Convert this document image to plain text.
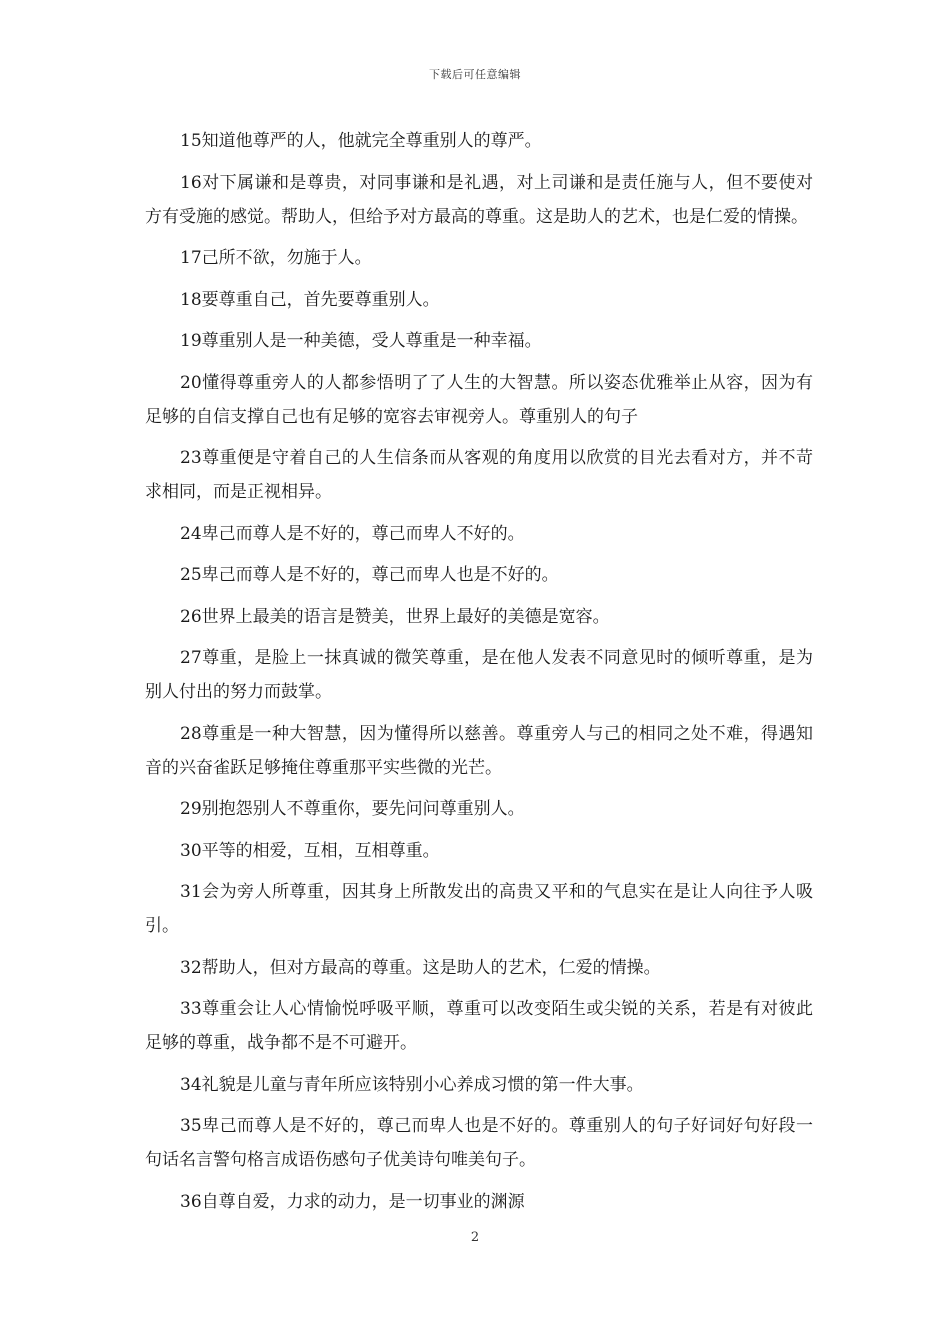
下载后可任意编辑

15知道他尊严的人，他就完全尊重别人的尊严。

16对下属谦和是尊贵，对同事谦和是礼遇，对上司谦和是责任施与人，但不要使对方有受施的感觉。帮助人，但给予对方最高的尊重。这是助人的艺术，也是仁爱的情操。

17己所不欲，勿施于人。

18要尊重自己，首先要尊重别人。

19尊重别人是一种美德，受人尊重是一种幸福。

20懂得尊重旁人的人都参悟明了了人生的大智慧。所以姿态优雅举止从容，因为有足够的自信支撑自己也有足够的宽容去审视旁人。尊重别人的句子

23尊重便是守着自己的人生信条而从客观的角度用以欣赏的目光去看对方，并不苛求相同，而是正视相异。

24卑己而尊人是不好的，尊己而卑人不好的。

25卑己而尊人是不好的，尊己而卑人也是不好的。

26世界上最美的语言是赞美，世界上最好的美德是宽容。

27尊重，是脸上一抹真诚的微笑尊重，是在他人发表不同意见时的倾听尊重，是为别人付出的努力而鼓掌。

28尊重是一种大智慧，因为懂得所以慈善。尊重旁人与己的相同之处不难，得遇知音的兴奋雀跃足够掩住尊重那平实些微的光芒。

29别抱怨别人不尊重你，要先问问尊重别人。

30平等的相爱，互相，互相尊重。

31会为旁人所尊重，因其身上所散发出的高贵又平和的气息实在是让人向往予人吸引。

32帮助人，但对方最高的尊重。这是助人的艺术，仁爱的情操。

33尊重会让人心情愉悦呼吸平顺，尊重可以改变陌生或尖锐的关系，若是有对彼此足够的尊重，战争都不是不可避开。

34礼貌是儿童与青年所应该特别小心养成习惯的第一件大事。

35卑己而尊人是不好的，尊己而卑人也是不好的。尊重别人的句子好词好句好段一句话名言警句格言成语伤感句子优美诗句唯美句子。

36自尊自爱，力求的动力，是一切事业的渊源

2
